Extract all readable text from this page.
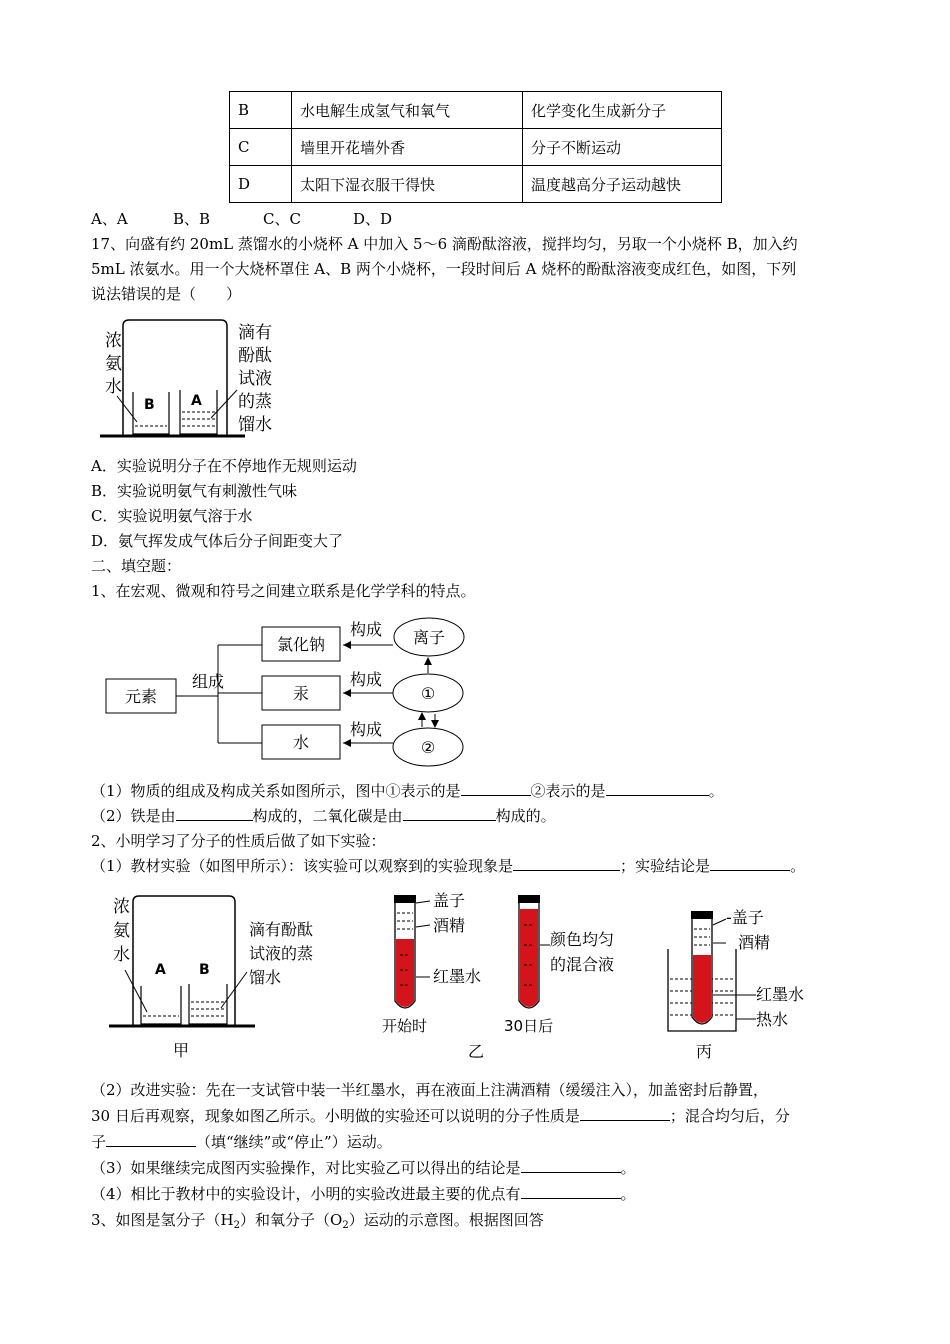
B	水电解生成氢气和氧气	化学变化生成新分子
C	墙里开花墙外香	分子不断运动
D	太阳下湿衣服干得快	温度越高分子运动越快
A、A	B、B	C、C	D、D
17、向盛有约 20mL 蒸馏水的小烧杯 A 中加入 5～6 滴酚酞溶液，搅拌均匀，另取一个小烧杯 B，加入约
5mL 浓氨水。用一个大烧杯罩住 A、B 两个小烧杯，一段时间后 A 烧杯的酚酞溶液变成红色，如图，下列
说法错误的是（　　）
浓
氨
水
B	A
滴有
酚酞
试液
的蒸
馏水
A．实验说明分子在不停地作无规则运动
B．实验说明氨气有刺激性气味
C．实验说明氨气溶于水
D．氨气挥发成气体后分子间距变大了
二、填空题：
1、在宏观、微观和符号之间建立联系是化学学科的特点。
元素
组成
氯化钠
汞
水
构成
构成
构成
离子
①
②
（1）物质的组成及构成关系如图所示，图中①表示的是	②表示的是	。
（2）铁是由	构成的，二氧化碳是由	构成的。
2、小明学习了分子的性质后做了如下实验：
（1）教材实验（如图甲所示）：该实验可以观察到的实验现象是	；实验结论是	。
浓
氨
水
A B
滴有酚酞
试液的蒸
馏水
甲
盖子
酒精
红墨水
开始时
颜色均匀
的混合液
30日后
乙
-盖子
酒精
红墨水
热水
丙
（2）改进实验：先在一支试管中装一半红墨水，再在液面上注满酒精（缓缓注入），加盖密封后静置，
30 日后再观察，现象如图乙所示。小明做的实验还可以说明的分子性质是	；混合均匀后，分
子	（填“继续”或“停止”）运动。
（3）如果继续完成图丙实验操作，对比实验乙可以得出的结论是	。
（4）相比于教材中的实验设计，小明的实验改进最主要的优点有	。
3、如图是氢分子$(H_2)$和氧分子$(O_2)$运动的示意图。根据图回答
